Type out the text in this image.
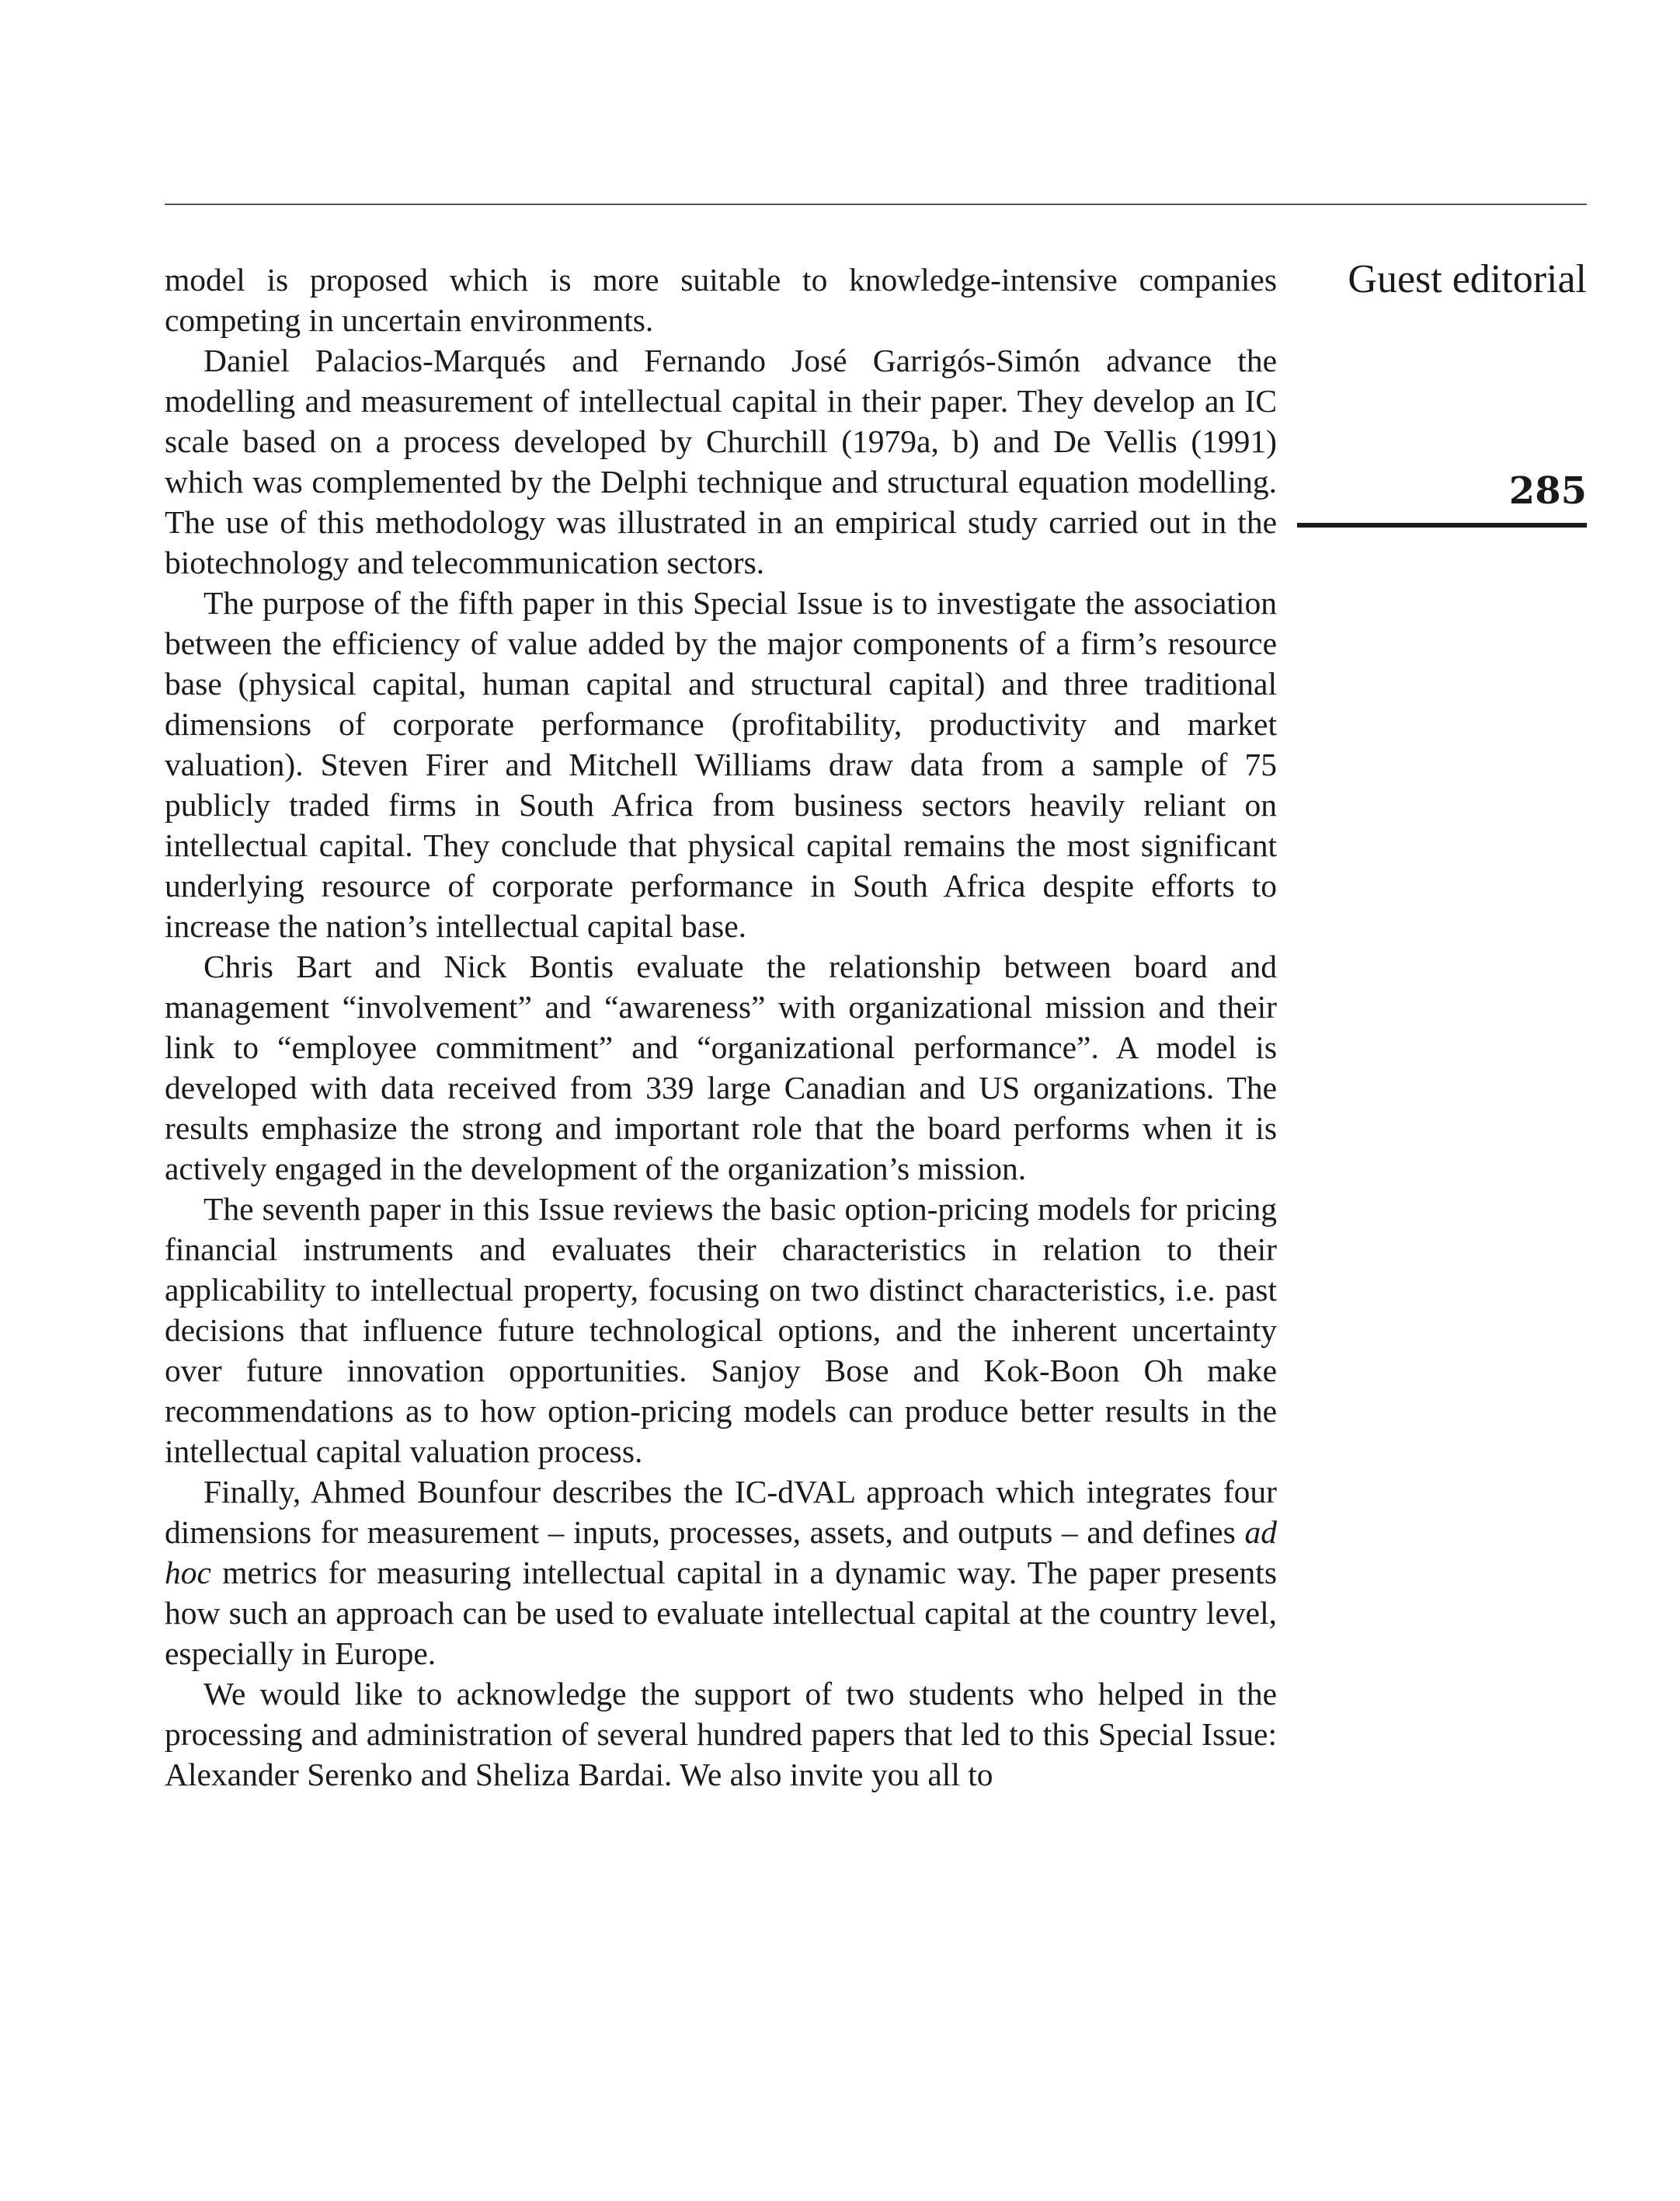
model is proposed which is more suitable to knowledge-intensive companies competing in uncertain environments.

Daniel Palacios-Marqués and Fernando José Garrigós-Simón advance the modelling and measurement of intellectual capital in their paper. They develop an IC scale based on a process developed by Churchill (1979a, b) and De Vellis (1991) which was complemented by the Delphi technique and structural equation modelling. The use of this methodology was illustrated in an empirical study carried out in the biotechnology and telecommunication sectors.

The purpose of the fifth paper in this Special Issue is to investigate the association between the efficiency of value added by the major components of a firm’s resource base (physical capital, human capital and structural capital) and three traditional dimensions of corporate performance (profitability, productivity and market valuation). Steven Firer and Mitchell Williams draw data from a sample of 75 publicly traded firms in South Africa from business sectors heavily reliant on intellectual capital. They conclude that physical capital remains the most significant underlying resource of corporate performance in South Africa despite efforts to increase the nation’s intellectual capital base.

Chris Bart and Nick Bontis evaluate the relationship between board and management “involvement” and “awareness” with organizational mission and their link to “employee commitment” and “organizational performance”. A model is developed with data received from 339 large Canadian and US organizations. The results emphasize the strong and important role that the board performs when it is actively engaged in the development of the organization’s mission.

The seventh paper in this Issue reviews the basic option-pricing models for pricing financial instruments and evaluates their characteristics in relation to their applicability to intellectual property, focusing on two distinct characteristics, i.e. past decisions that influence future technological options, and the inherent uncertainty over future innovation opportunities. Sanjoy Bose and Kok-Boon Oh make recommendations as to how option-pricing models can produce better results in the intellectual capital valuation process.

Finally, Ahmed Bounfour describes the IC-dVAL approach which integrates four dimensions for measurement – inputs, processes, assets, and outputs – and defines ad hoc metrics for measuring intellectual capital in a dynamic way. The paper presents how such an approach can be used to evaluate intellectual capital at the country level, especially in Europe.

We would like to acknowledge the support of two students who helped in the processing and administration of several hundred papers that led to this Special Issue: Alexander Serenko and Sheliza Bardai. We also invite you all to

Guest editorial
285
